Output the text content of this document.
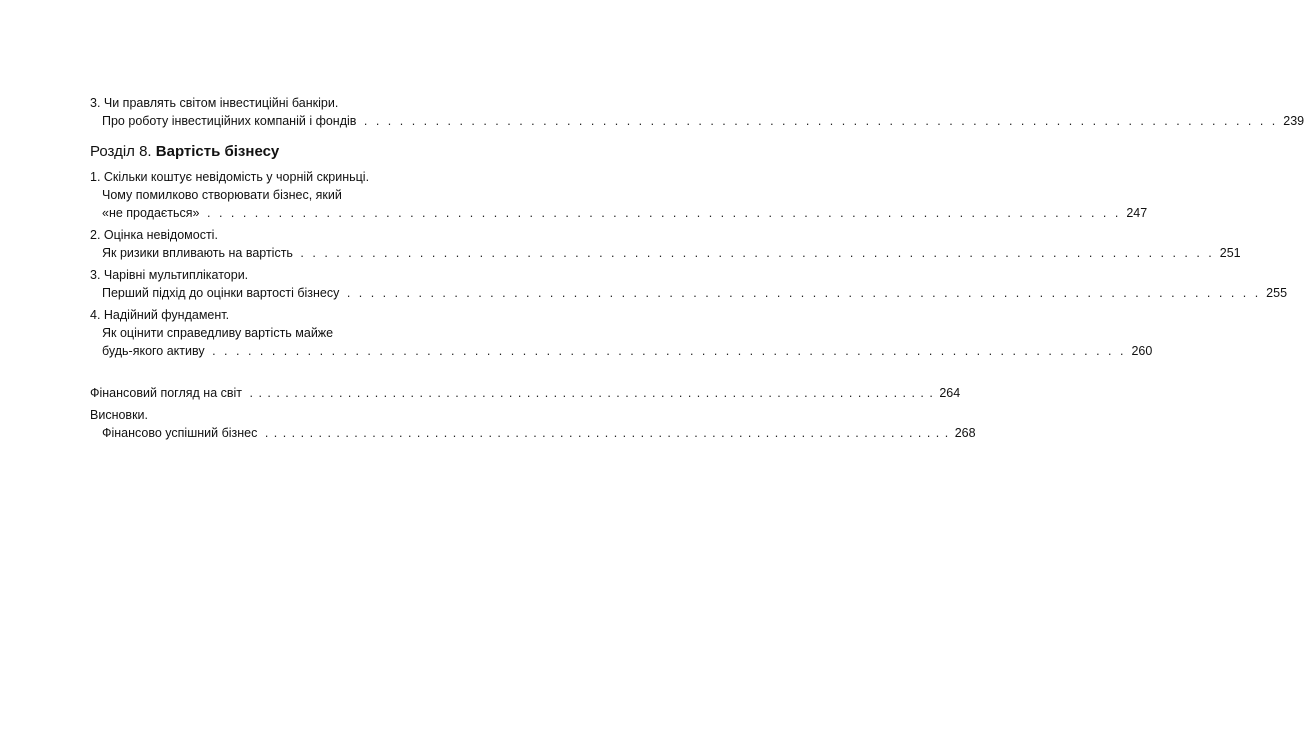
3. Чи правлять світом інвестиційні банкіри.
Про роботу інвестиційних компаній і фондів . . .	239
Розділ 8. Вартість бізнесу
1. Скільки коштує невідомість у чорній скриньці.
Чому помилково створювати бізнес, який
«не продається» . . .	247
2. Оцінка невідомості.
Як ризики впливають на вартість . . .	251
3. Чарівні мультиплікатори.
Перший підхід до оцінки вартості бізнесу . . .	255
4. Надійний фундамент.
Як оцінити справедливу вартість майже
будь-якого активу . . .	260
Фінансовий погляд на світ . . .	264
Висновки.
Фінансово успішний бізнес . . .	268
